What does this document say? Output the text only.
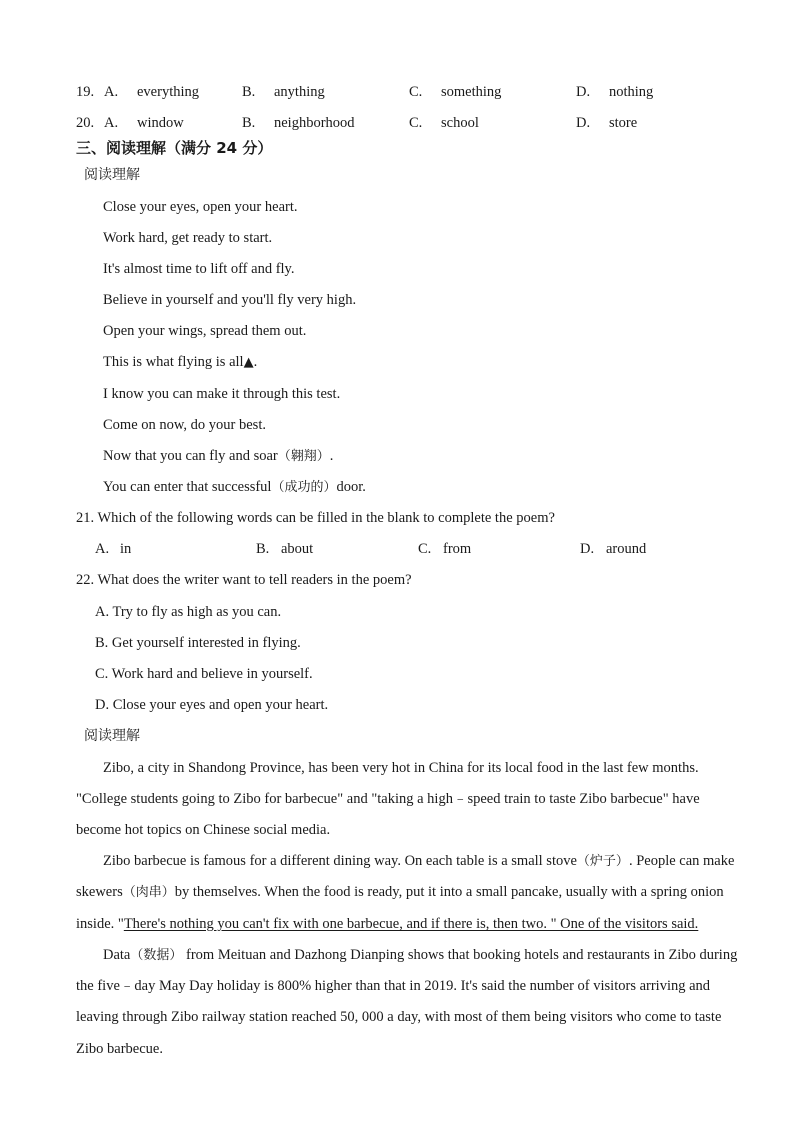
19. A. everything	B. anything	C. something	D. nothing
20. A. window	B. neighborhood	C. school	D. store
三、阅读理解（满分 24 分）
阅读理解
Close your eyes, open your heart.
Work hard, get ready to start.
It's almost time to lift off and fly.
Believe in yourself and you'll fly very high.
Open your wings, spread them out.
This is what flying is all▲.
I know you can make it through this test.
Come on now, do your best.
Now that you can fly and soar（翱翔）.
You can enter that successful（成功的）door.
21. Which of the following words can be filled in the blank to complete the poem?
A. in	B. about	C. from	D. around
22. What does the writer want to tell readers in the poem?
A. Try to fly as high as you can.
B. Get yourself interested in flying.
C. Work hard and believe in yourself.
D. Close your eyes and open your heart.
阅读理解
Zibo, a city in Shandong Province, has been very hot in China for its local food in the last few months.
"College students going to Zibo for barbecue" and "taking a high﹣speed train to taste Zibo barbecue" have
become hot topics on Chinese social media.
Zibo barbecue is famous for a different dining way. On each table is a small stove（炉子）. People can make
skewers（肉串）by themselves. When the food is ready, put it into a small pancake, usually with a spring onion
inside. "There's nothing you can't fix with one barbecue, and if there is, then two. " One of the visitors said.
Data（数据） from Meituan and Dazhong Dianping shows that booking hotels and restaurants in Zibo during
the five﹣day May Day holiday is 800% higher than that in 2019. It's said the number of visitors arriving and
leaving through Zibo railway station reached 50, 000 a day, with most of them being visitors who come to taste
Zibo barbecue.
